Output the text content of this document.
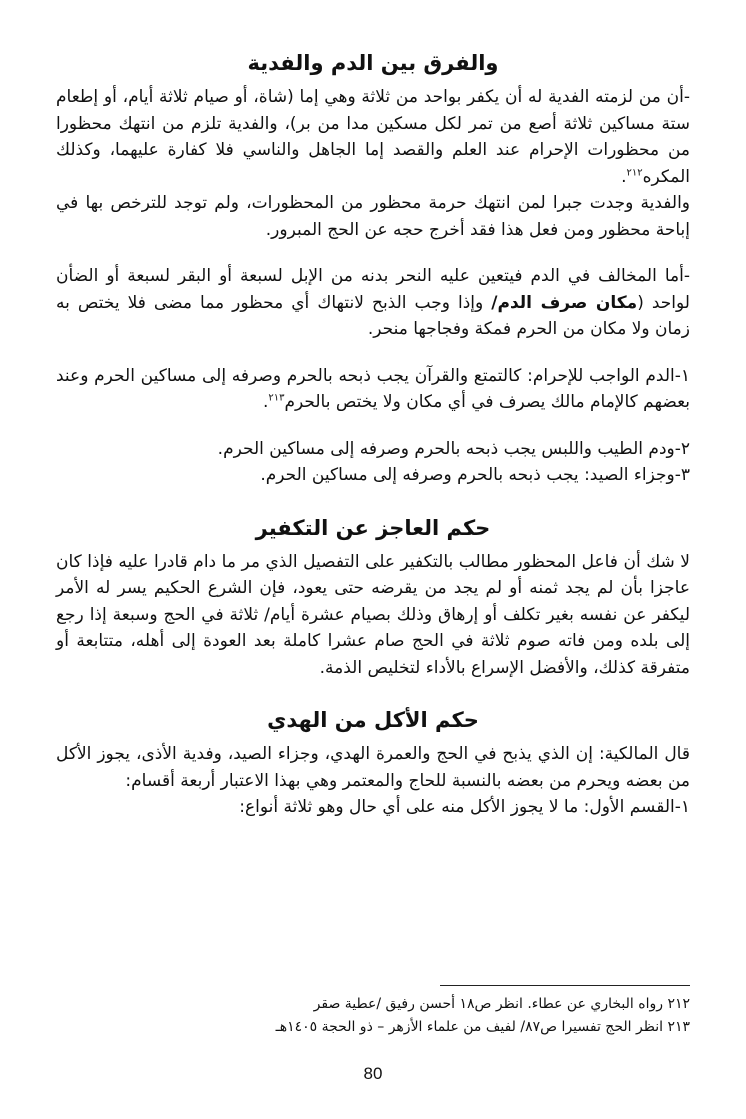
والفرق بين الدم والفدية

-أن من لزمته الفدية له أن يكفر بواحد من ثلاثة وهي إما (شاة، أو صيام ثلاثة أيام، أو إطعام ستة مساكين ثلاثة أصع من تمر لكل مسكين مدا من بر)، والفدية تلزم من انتهك محظورا من محظورات الإحرام عند العلم والقصد إما الجاهل والناسي فلا كفارة عليهما، وكذلك المكره$^{٢١٢}$.

والفدية وجدت جبرا لمن انتهك حرمة محظور من المحظورات، ولم توجد للترخص بها في إباحة محظور ومن فعل هذا فقد أخرج حجه عن الحج المبرور.

-أما المخالف في الدم فيتعين عليه النحر بدنه من الإبل لسبعة أو البقر لسبعة أو الضأن لواحد (مكان صرف الدم/ وإذا وجب الذبح لانتهاك أي محظور مما مضى فلا يختص به زمان ولا مكان من الحرم فمكة وفجاجها منحر.

١-الدم الواجب للإحرام: كالتمتع والقرآن يجب ذبحه بالحرم وصرفه إلى مساكين الحرم وعند بعضهم كالإمام مالك يصرف في أي مكان ولا يختص بالحرم$^{٢١٣}$.

٢-ودم الطيب واللبس يجب ذبحه بالحرم وصرفه إلى مساكين الحرم.

٣-وجزاء الصيد: يجب ذبحه بالحرم وصرفه إلى مساكين الحرم.

حكم العاجز عن التكفير

لا شك أن فاعل المحظور مطالب بالتكفير على التفصيل الذي مر ما دام قادرا عليه فإذا كان عاجزا بأن لم يجد ثمنه أو لم يجد من يقرضه حتى يعود، فإن الشرع الحكيم يسر له الأمر ليكفر عن نفسه بغير تكلف أو إرهاق وذلك بصيام عشرة أيام/ ثلاثة في الحج وسبعة إذا رجع إلى بلده ومن فاته صوم ثلاثة في الحج صام عشرا كاملة بعد العودة إلى أهله، متتابعة أو متفرقة كذلك، والأفضل الإسراع بالأداء لتخليص الذمة.

حكم الأكل من الهدي

قال المالكية: إن الذي يذبح في الحج والعمرة الهدي، وجزاء الصيد، وفدية الأذى، يجوز الأكل من بعضه ويحرم من بعضه بالنسبة للحاج والمعتمر وهي بهذا الاعتبار أربعة أقسام:

١-القسم الأول: ما لا يجوز الأكل منه على أي حال وهو ثلاثة أنواع:

٢١٢ رواه البخاري عن عطاء. انظر ص١٨ أحسن رفيق /عطية صقر
٢١٣ انظر الحج تفسيرا ص٨٧/ لفيف من علماء الأزهر – ذو الحجة ١٤٠٥هـ
80
